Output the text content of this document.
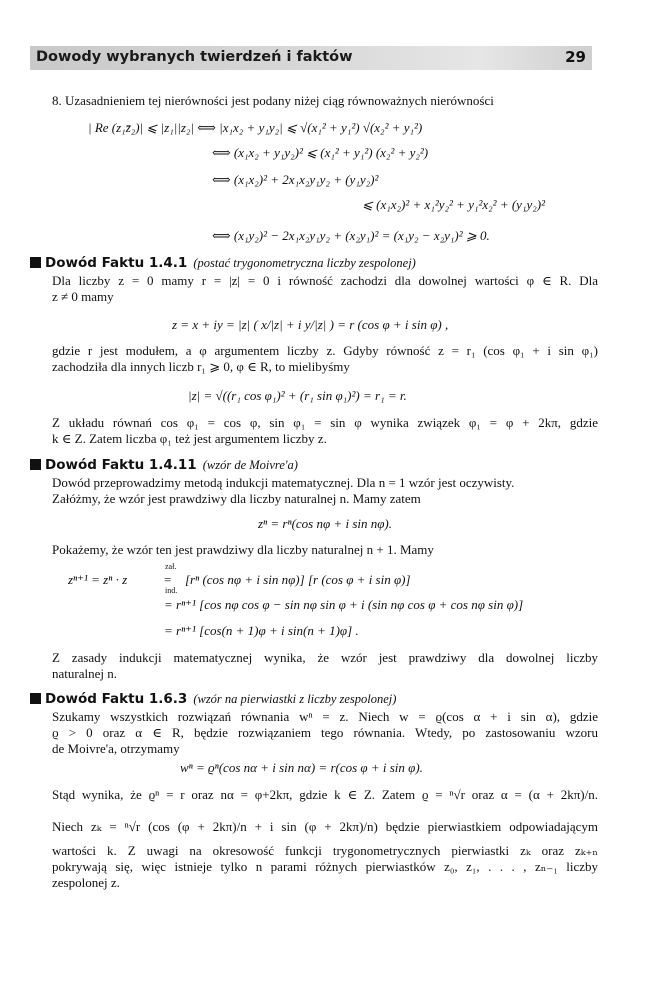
Dowody wybranych twierdzeń i faktów	29
8. Uzasadnieniem tej nierówności jest podany niżej ciąg równoważnych nierówności
| Re (z₁z̄₂)| ⩽ |z₁||z₂| ⟺ |x₁x₂ + y₁y₂| ⩽ √(x₁² + y₁²) √(x₂² + y₁²)
⟺ (x₁x₂ + y₁y₂)² ⩽ (x₁² + y₁²) (x₂² + y₂²)
⟺ (x₁x₂)² + 2x₁x₂y₁y₂ + (y₁y₂)²
⩽ (x₁x₂)² + x₁²y₂² + y₁²x₂² + (y₁y₂)²
⟺ (x₁y₂)² − 2x₁x₂y₁y₂ + (x₂y₁)² = (x₁y₂ − x₂y₁)² ⩾ 0.
Dowód Faktu 1.4.1 (postać trygonometryczna liczby zespolonej)
Dla liczby z = 0 mamy r = |z| = 0 i równość zachodzi dla dowolnej wartości φ ∈ R. Dla
z ≠ 0 mamy
z = x + iy = |z| ( x/|z| + i y/|z| ) = r (cos φ + i sin φ) ,
gdzie r jest modułem, a φ argumentem liczby z. Gdyby równość z = r₁ (cos φ₁ + i sin φ₁)
zachodziła dla innych liczb r₁ ⩾ 0, φ ∈ R, to mielibyśmy
|z| = √((r₁ cos φ₁)² + (r₁ sin φ₁)²) = r₁ = r.
Z układu równań cos φ₁ = cos φ, sin φ₁ = sin φ wynika związek φ₁ = φ + 2kπ, gdzie
k ∈ Z. Zatem liczba φ₁ też jest argumentem liczby z.
Dowód Faktu 1.4.11 (wzór de Moivre'a)
Dowód przeprowadzimy metodą indukcji matematycznej. Dla n = 1 wzór jest oczywisty.
Załóżmy, że wzór jest prawdziwy dla liczby naturalnej n. Mamy zatem
zⁿ = rⁿ(cos nφ + i sin nφ).
Pokażemy, że wzór ten jest prawdziwy dla liczby naturalnej n + 1. Mamy
zał.
zⁿ⁺¹ = zⁿ · z	=
ind.
[rⁿ (cos nφ + i sin nφ)] [r (cos φ + i sin φ)]
= rⁿ⁺¹ [cos nφ cos φ − sin nφ sin φ + i (sin nφ cos φ + cos nφ sin φ)]
= rⁿ⁺¹ [cos(n + 1)φ + i sin(n + 1)φ] .
Z zasady indukcji matematycznej wynika, że wzór jest prawdziwy dla dowolnej liczby
naturalnej n.
Dowód Faktu 1.6.3 (wzór na pierwiastki z liczby zespolonej)
Szukamy wszystkich rozwiązań równania wⁿ = z. Niech w = ϱ(cos α + i sin α), gdzie
ϱ > 0 oraz α ∈ R, będzie rozwiązaniem tego równania. Wtedy, po zastosowaniu wzoru
de Moivre'a, otrzymamy
wⁿ = ϱⁿ(cos nα + i sin nα) = r(cos φ + i sin φ).
Stąd wynika, że ϱⁿ = r oraz nα = φ+2kπ, gdzie k ∈ Z. Zatem ϱ = ⁿ√r oraz α = (α + 2kπ)/n.
Niech zₖ = ⁿ√r (cos (φ + 2kπ)/n + i sin (φ + 2kπ)/n) będzie pierwiastkiem odpowiadającym
wartości k. Z uwagi na okresowość funkcji trygonometrycznych pierwiastki zₖ oraz zₖ₊ₙ
pokrywają się, więc istnieje tylko n parami różnych pierwiastków z₀, z₁, . . . , zₙ₋₁ liczby
zespolonej z.
